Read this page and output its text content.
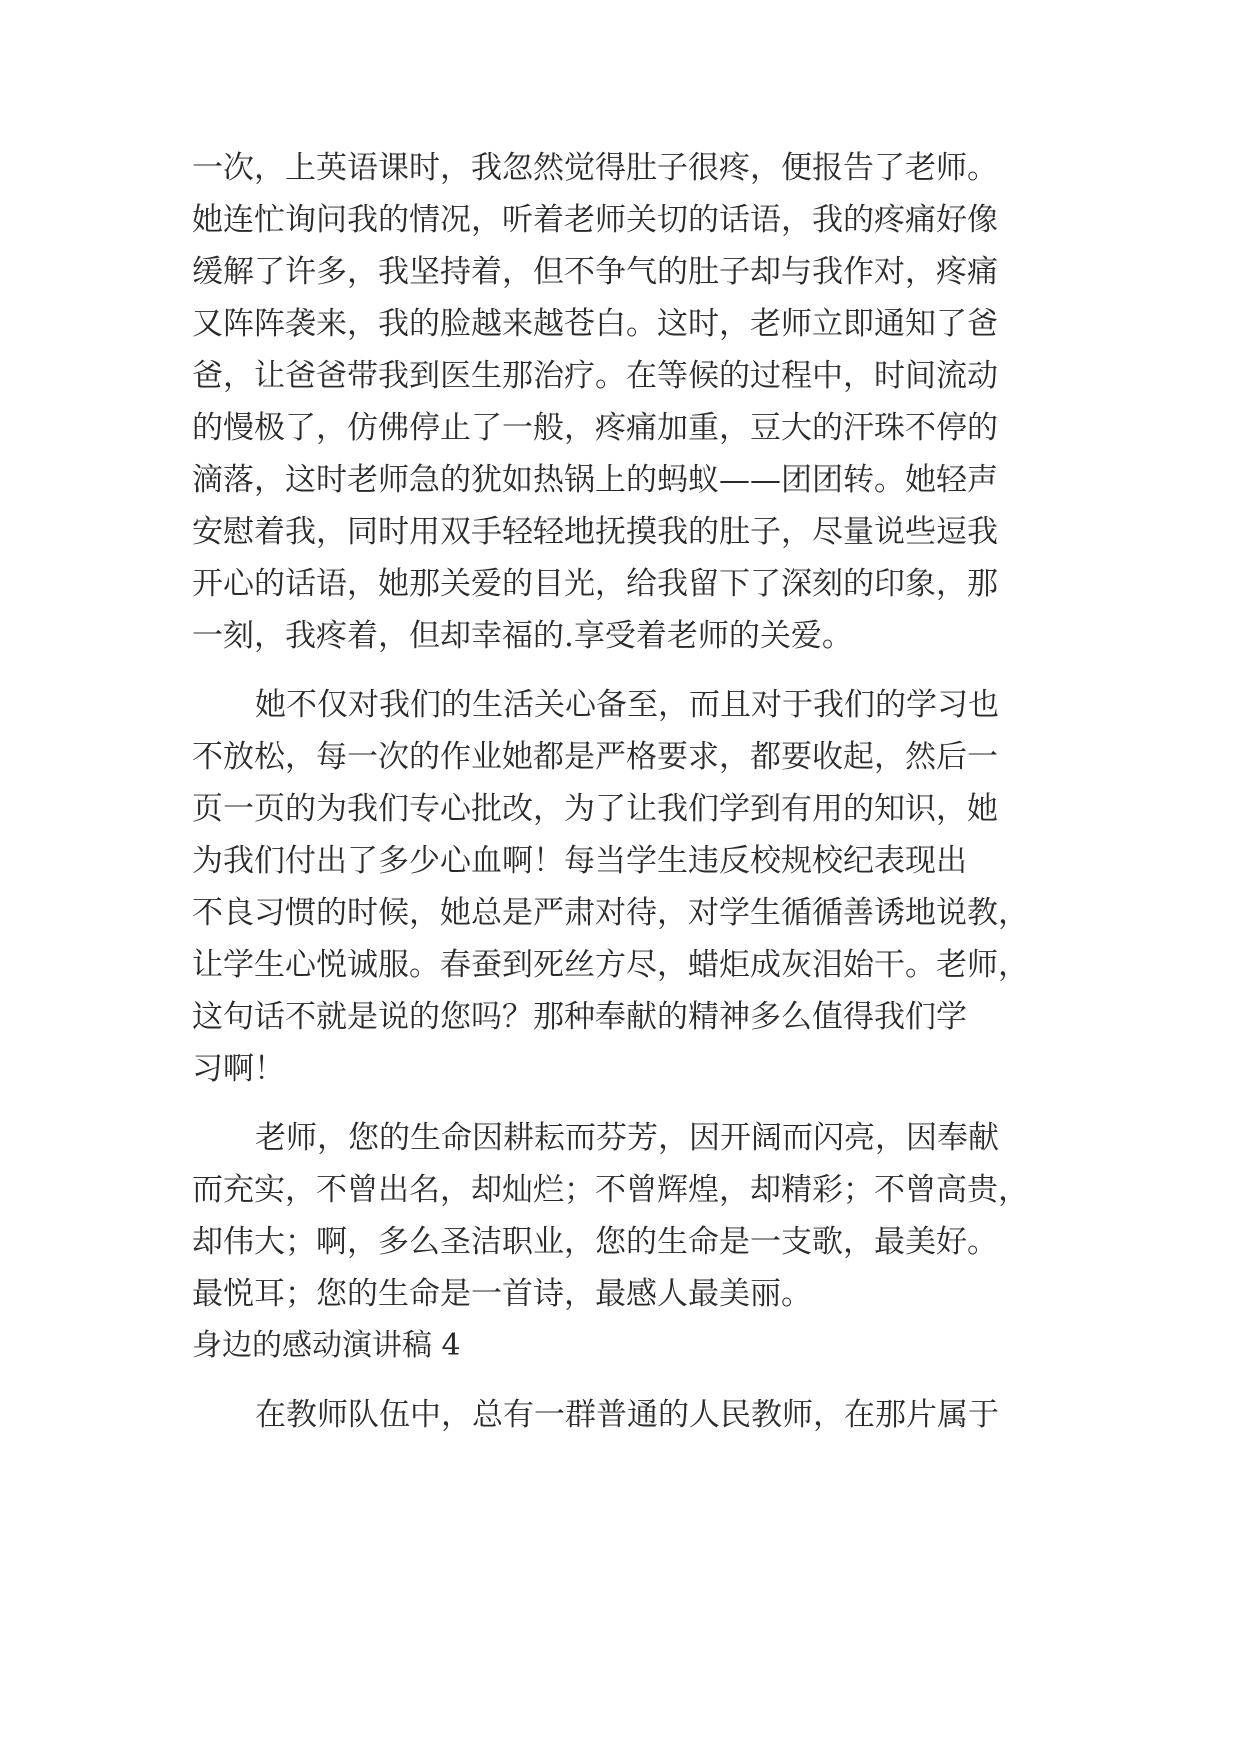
一次，上英语课时，我忽然觉得肚子很疼，便报告了老师。
她连忙询问我的情况，听着老师关切的话语，我的疼痛好像
缓解了许多，我坚持着，但不争气的肚子却与我作对，疼痛
又阵阵袭来，我的脸越来越苍白。这时，老师立即通知了爸
爸，让爸爸带我到医生那治疗。在等候的过程中，时间流动
的慢极了，仿佛停止了一般，疼痛加重，豆大的汗珠不停的
滴落，这时老师急的犹如热锅上的蚂蚁——团团转。她轻声
安慰着我，同时用双手轻轻地抚摸我的肚子，尽量说些逗我
开心的话语，她那关爱的目光，给我留下了深刻的印象，那
一刻，我疼着，但却幸福的.享受着老师的关爱。
她不仅对我们的生活关心备至，而且对于我们的学习也
不放松，每一次的作业她都是严格要求，都要收起，然后一
页一页的为我们专心批改，为了让我们学到有用的知识，她
为我们付出了多少心血啊！每当学生违反校规校纪表现出
不良习惯的时候，她总是严肃对待，对学生循循善诱地说教，
让学生心悦诚服。春蚕到死丝方尽，蜡炬成灰泪始干。老师，
这句话不就是说的您吗？那种奉献的精神多么值得我们学
习啊！
老师，您的生命因耕耘而芬芳，因开阔而闪亮，因奉献
而充实，不曾出名，却灿烂；不曾辉煌，却精彩；不曾高贵，
却伟大；啊，多么圣洁职业，您的生命是一支歌，最美好。
最悦耳；您的生命是一首诗，最感人最美丽。
身边的感动演讲稿 4
在教师队伍中，总有一群普通的人民教师，在那片属于
